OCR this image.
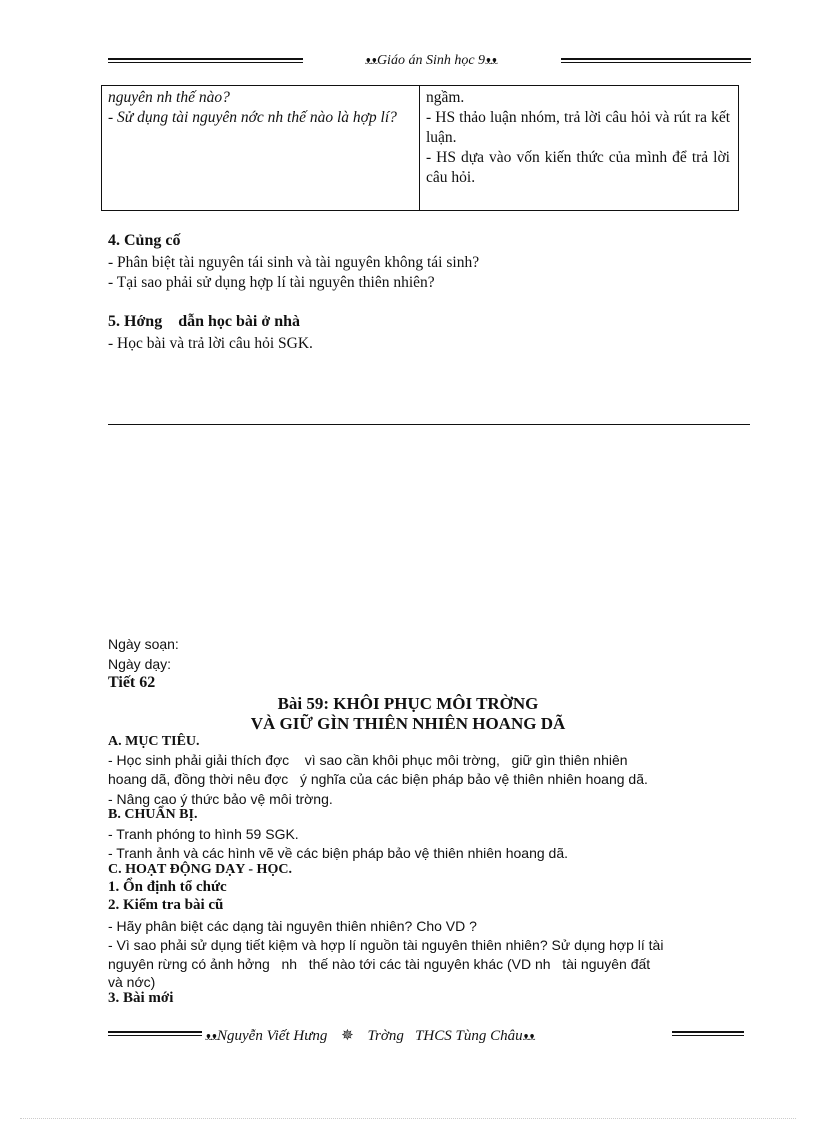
ᴥᴥGiáo án Sinh học 9ᴥᴥ
nguyên nh thế nào?
- Sử dụng tài nguyên nớc nh thế nào là hợp lí?

ngầm.
- HS thảo luận nhóm, trả lời câu hỏi và rút ra kết luận.
- HS dựa vào vốn kiến thức của mình để trả lời câu hỏi.
4. Củng cố
- Phân biệt tài nguyên tái sinh và tài nguyên không tái sinh?
- Tại sao phải sử dụng hợp lí tài nguyên thiên nhiên?
5. Hớng    dẫn học bài ở nhà
- Học bài và trả lời câu hỏi SGK.
Ngày soạn:
Ngày dạy:
Tiết 62
Bài 59: KHÔI PHỤC MÔI TRỜNG
VÀ GIỮ GÌN THIÊN NHIÊN HOANG DÃ
A. MỤC TIÊU.
- Học sinh phải giải thích đợc    vì sao cần khôi phục môi trờng,   giữ gìn thiên nhiên
hoang dã, đồng thời nêu đợc   ý nghĩa của các biện pháp bảo vệ thiên nhiên hoang dã.
- Nâng cao ý thức bảo vệ môi trờng.
B. CHUẨN BỊ.
- Tranh phóng to hình 59 SGK.
- Tranh ảnh và các hình vẽ về các biện pháp bảo vệ thiên nhiên hoang dã.
C. HOẠT ĐỘNG DẠY - HỌC.
1. Ổn định tổ chức
2. Kiểm tra bài cũ
- Hãy phân biệt các dạng tài nguyên thiên nhiên? Cho VD ?
- Vì sao phải sử dụng tiết kiệm và hợp lí nguồn tài nguyên thiên nhiên? Sử dụng hợp lí tài
nguyên rừng có ảnh hởng   nh   thế nào tới các tài nguyên khác (VD nh   tài nguyên đất
và nớc)
3. Bài mới
ᴥᴥNguyễn Viết Hưng ✵ Trờng   THCS Tùng Châuᴥᴥ
